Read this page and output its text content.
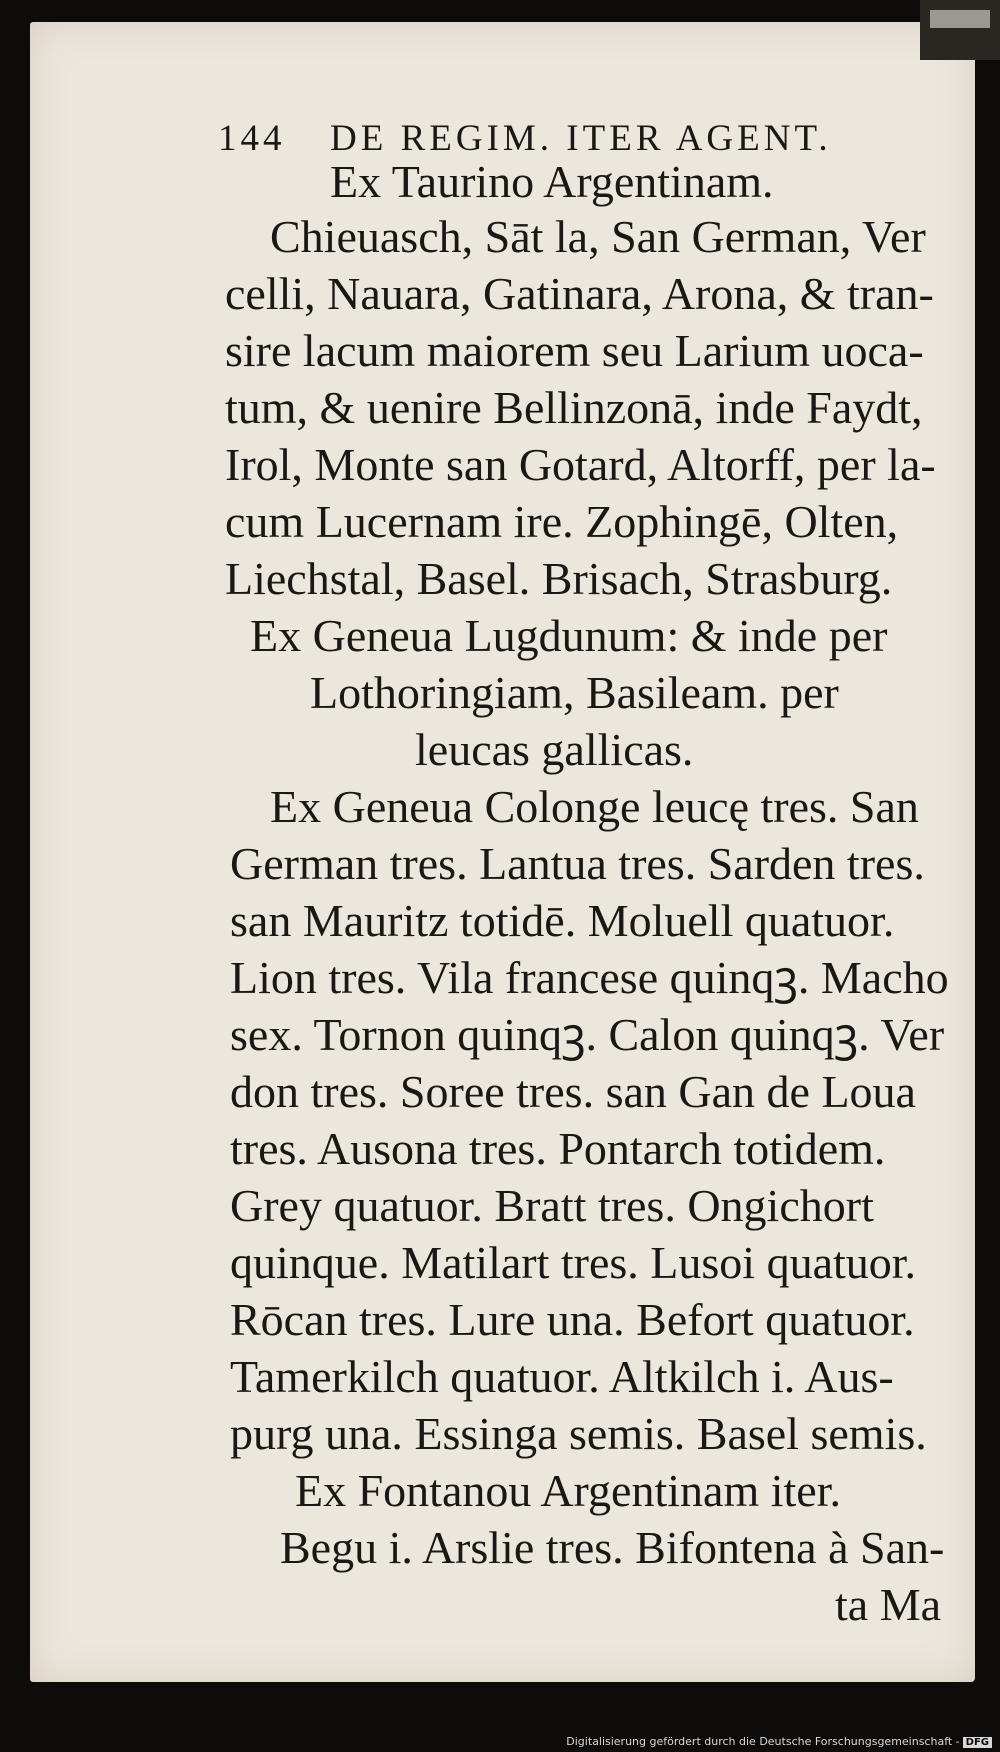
144 DE REGIM. ITER AGENT.
Ex Taurino Argentinam.
Chieuasch, Sāt la, San German, Ver
celli, Nauara, Gatinara, Arona, & tran-
sire lacum maiorem seu Larium uoca-
tum, & uenire Bellinzonā, inde Faydt,
Irol, Monte san Gotard, Altorff, per la-
cum Lucernam ire. Zophingē, Olten,
Liechstal, Basel. Brisach, Strasburg.
Ex Geneua Lugdunum: & inde per
Lothoringiam, Basileam. per
leucas gallicas.
Ex Geneua Colonge leucę tres. San
German tres. Lantua tres. Sarden tres.
san Mauritz totidē. Moluell quatuor.
Lion tres. Vila francese quinqꝫ. Macho
sex. Tornon quinqꝫ. Calon quinqꝫ. Ver
don tres. Soree tres. san Gan de Loua
tres. Ausona tres. Pontarch totidem.
Grey quatuor. Bratt tres. Ongichort
quinque. Matilart tres. Lusoi quatuor.
Rōcan tres. Lure una. Befort quatuor.
Tamerkilch quatuor. Altkilch i. Aus-
purg una. Essinga semis. Basel semis.
Ex Fontanou Argentinam iter.
Begu i. Arslie tres. Bifontena à San-
ta Ma
Digitalisierung gefördert durch die Deutsche Forschungsgemeinschaft - DFG
